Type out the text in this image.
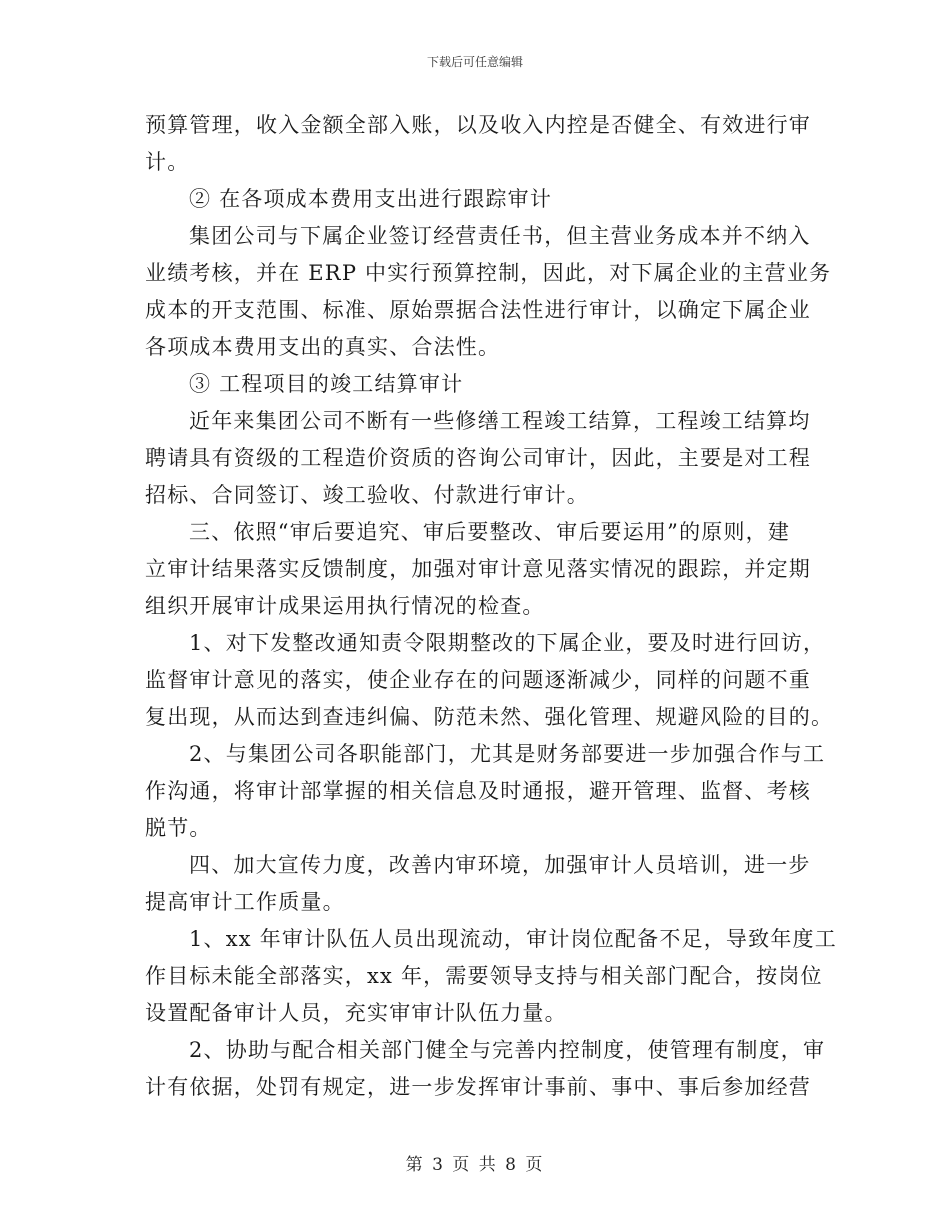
下载后可任意编辑
预算管理，收入金额全部入账，以及收入内控是否健全、有效进行审
计。
② 在各项成本费用支出进行跟踪审计
集团公司与下属企业签订经营责任书，但主营业务成本并不纳入
业绩考核，并在 ERP 中实行预算控制，因此，对下属企业的主营业务
成本的开支范围、标准、原始票据合法性进行审计，以确定下属企业
各项成本费用支出的真实、合法性。
③ 工程项目的竣工结算审计
近年来集团公司不断有一些修缮工程竣工结算，工程竣工结算均
聘请具有资级的工程造价资质的咨询公司审计，因此，主要是对工程
招标、合同签订、竣工验收、付款进行审计。
三、依照“审后要追究、审后要整改、审后要运用”的原则，建
立审计结果落实反馈制度，加强对审计意见落实情况的跟踪，并定期
组织开展审计成果运用执行情况的检查。
1、对下发整改通知责令限期整改的下属企业，要及时进行回访，
监督审计意见的落实，使企业存在的问题逐渐减少，同样的问题不重
复出现，从而达到查违纠偏、防范未然、强化管理、规避风险的目的。
2、与集团公司各职能部门，尤其是财务部要进一步加强合作与工
作沟通，将审计部掌握的相关信息及时通报，避开管理、监督、考核
脱节。
四、加大宣传力度，改善内审环境，加强审计人员培训，进一步
提高审计工作质量。
1、xx 年审计队伍人员出现流动，审计岗位配备不足，导致年度工
作目标未能全部落实，xx 年，需要领导支持与相关部门配合，按岗位
设置配备审计人员，充实审审计队伍力量。
2、协助与配合相关部门健全与完善内控制度，使管理有制度，审
计有依据，处罚有规定，进一步发挥审计事前、事中、事后参加经营
第 3 页 共 8 页
